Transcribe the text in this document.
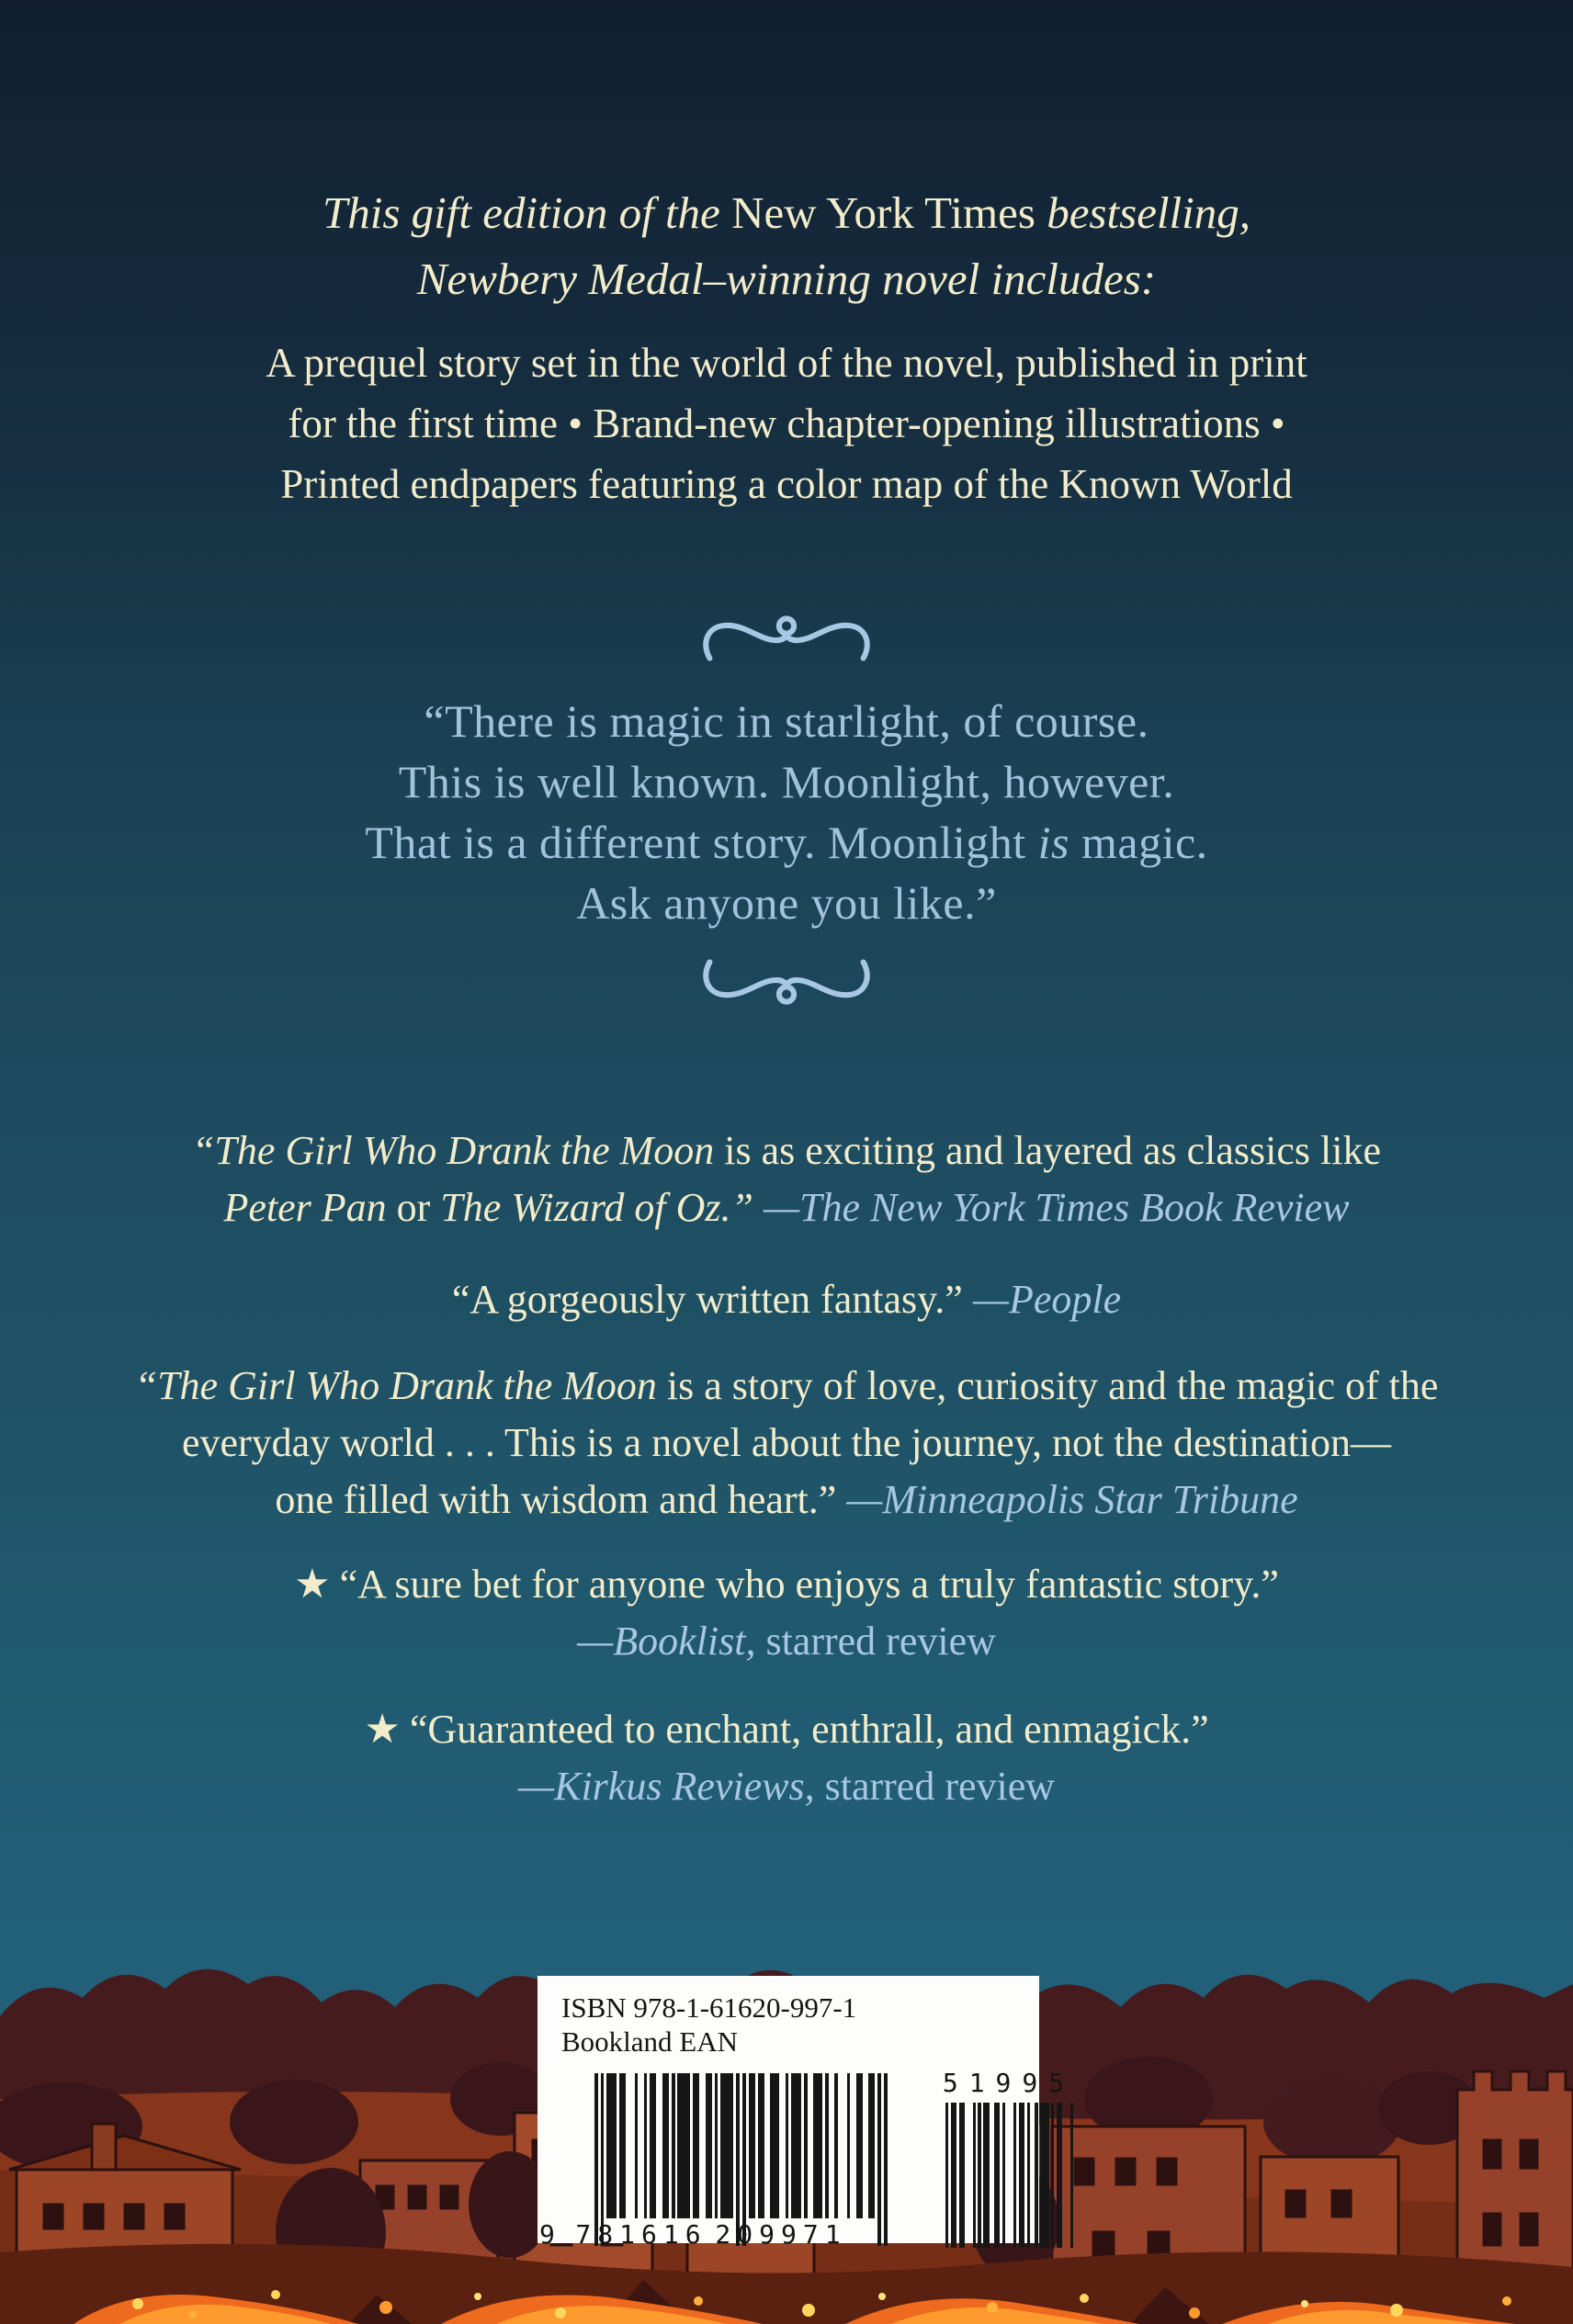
This gift edition of the New York Times bestselling,
Newbery Medal–winning novel includes:
A prequel story set in the world of the novel, published in print
for the first time • Brand-new chapter-opening illustrations •
Printed endpapers featuring a color map of the Known World
“There is magic in starlight, of course.
This is well known. Moonlight, however.
That is a different story. Moonlight is magic.
Ask anyone you like.”
“The Girl Who Drank the Moon is as exciting and layered as classics like
Peter Pan or The Wizard of Oz.” —The New York Times Book Review
“A gorgeously written fantasy.” —People
“The Girl Who Drank the Moon is a story of love, curiosity and the magic of the
everyday world . . . This is a novel about the journey, not the destination—
one filled with wisdom and heart.” —Minneapolis Star Tribune
★ “A sure bet for anyone who enjoys a truly fantastic story.”
—Booklist, starred review
★ “Guaranteed to enchant, enthrall, and enmagick.”
—Kirkus Reviews, starred review
ISBN 978-1-61620-997-1
Bookland EAN
9 781616 209971
51995
